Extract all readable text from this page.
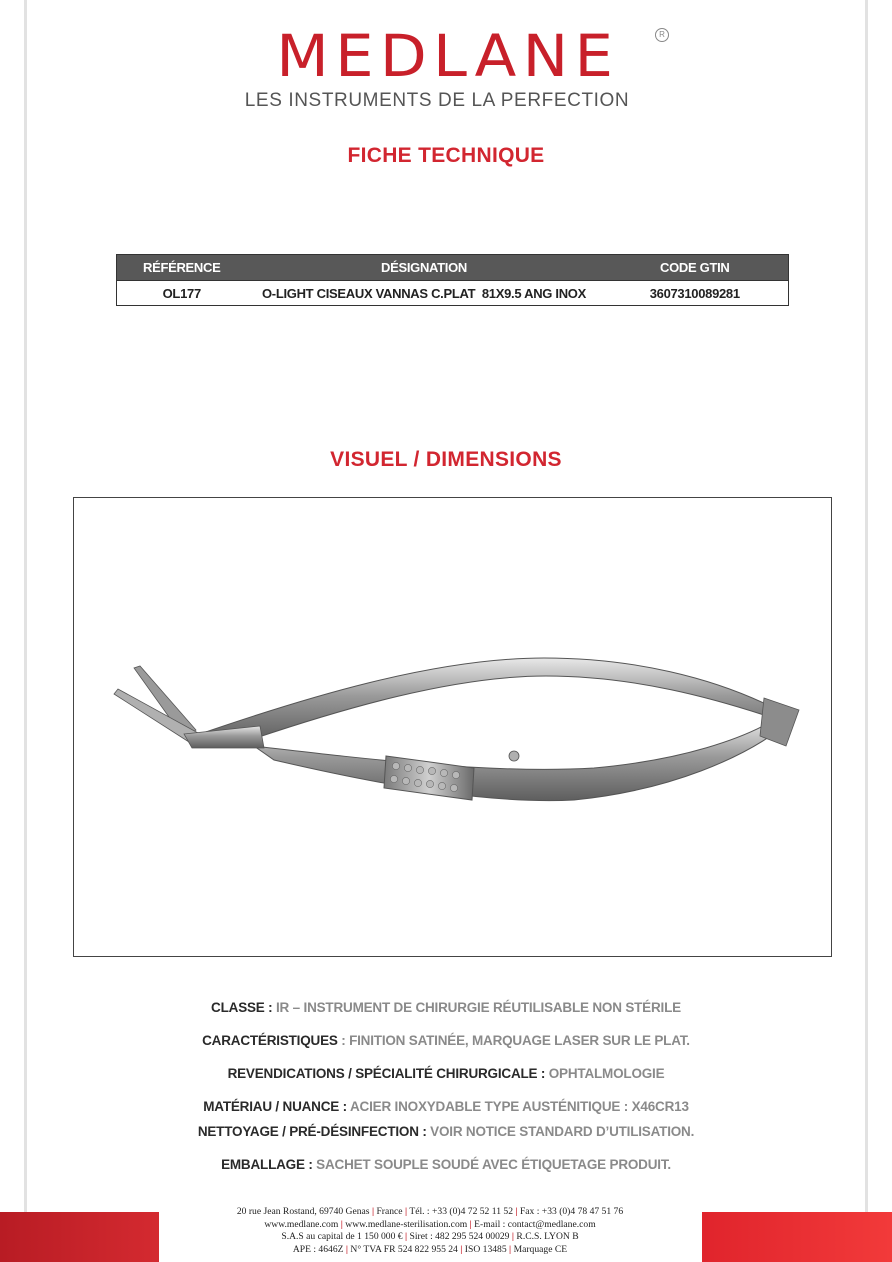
MEDLANE	R
LES INSTRUMENTS DE LA PERFECTION
FICHE TECHNIQUE
RÉFÉRENCE	DÉSIGNATION	CODE GTIN
OL177	O-LIGHT CISEAUX VANNAS C.PLAT  81X9.5 ANG INOX	3607310089281
VISUEL / DIMENSIONS
CLASSE : IR – INSTRUMENT DE CHIRURGIE RÉUTILISABLE NON STÉRILE
CARACTÉRISTIQUES : FINITION SATINÉE, MARQUAGE LASER SUR LE PLAT.
REVENDICATIONS / SPÉCIALITÉ CHIRURGICALE : OPHTALMOLOGIE
MATÉRIAU / NUANCE : ACIER INOXYDABLE TYPE AUSTÉNITIQUE : X46CR13
NETTOYAGE / PRÉ-DÉSINFECTION : VOIR NOTICE STANDARD D’UTILISATION.
EMBALLAGE : SACHET SOUPLE SOUDÉ AVEC ÉTIQUETAGE PRODUIT.
20 rue Jean Rostand, 69740 Genas | France | Tél. : +33 (0)4 72 52 11 52 | Fax : +33 (0)4 78 47 51 76
www.medlane.com | www.medlane-sterilisation.com | E-mail : contact@medlane.com
S.A.S au capital de 1 150 000 € | Siret : 482 295 524 00029 | R.C.S. LYON B
APE : 4646Z | N° TVA FR 524 822 955 24 | ISO 13485 | Marquage CE
